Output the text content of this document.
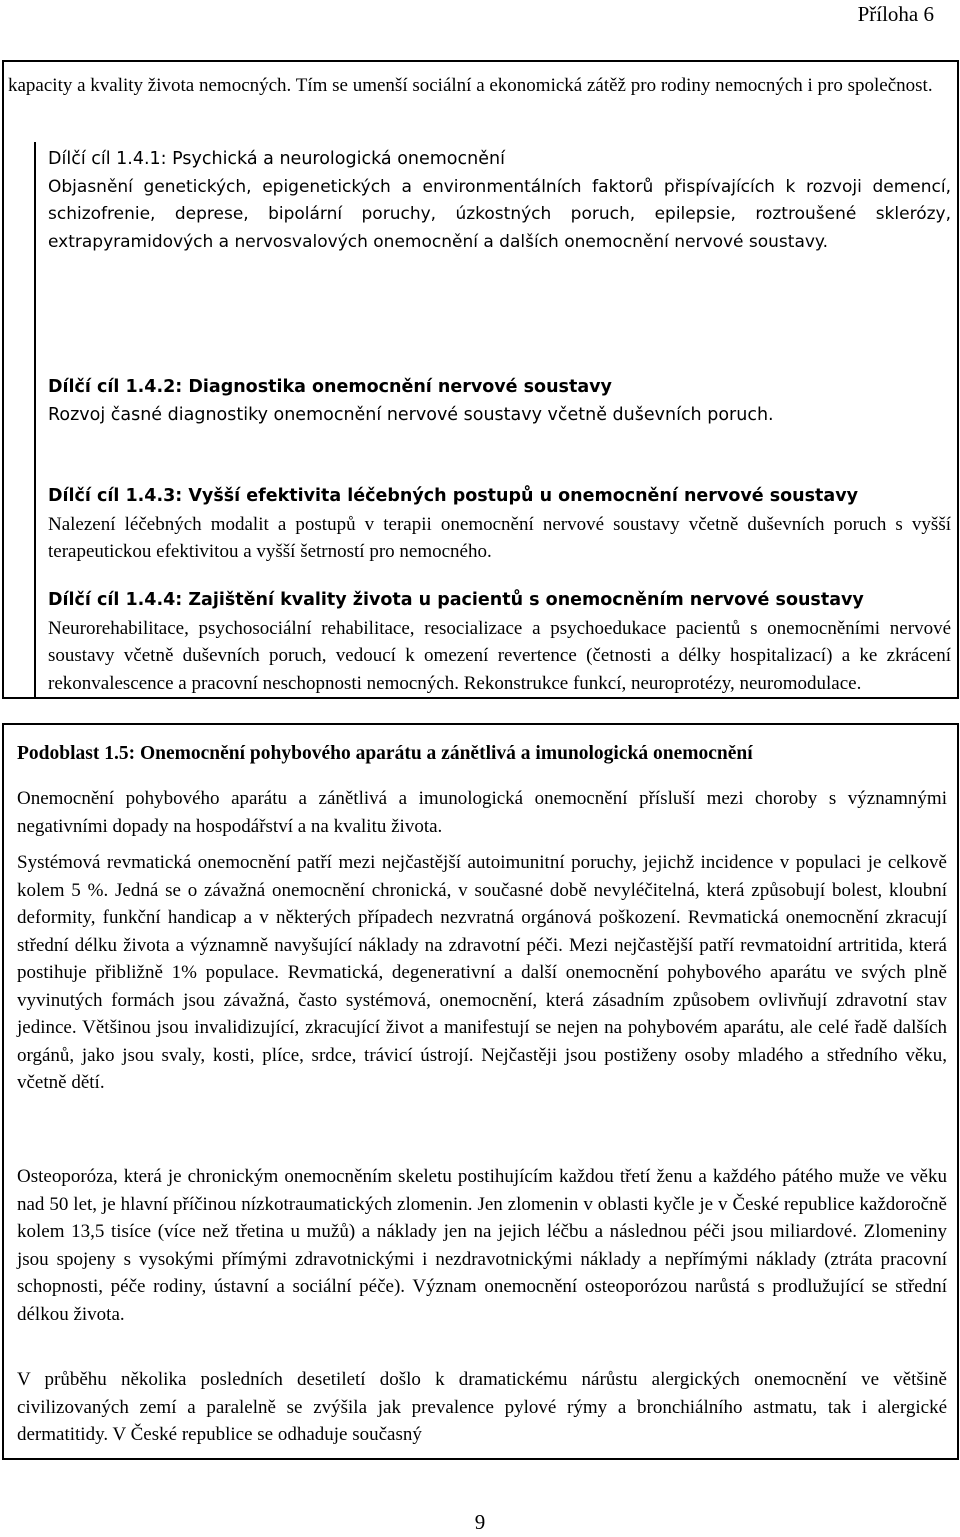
Příloha 6
kapacity a kvality života nemocných. Tím se umenší sociální a ekonomická zátěž pro rodiny nemocných i pro společnost.
Dílčí cíl 1.4.1: Psychická a neurologická onemocnění
Objasnění genetických, epigenetických a environmentálních faktorů přispívajících k rozvoji demencí, schizofrenie, deprese, bipolární poruchy, úzkostných poruch, epilepsie, roztroušené sklerózy, extrapyramidových a nervosvalových onemocnění a dalších onemocnění nervové soustavy.
Dílčí cíl 1.4.2: Diagnostika onemocnění nervové soustavy
Rozvoj časné diagnostiky onemocnění nervové soustavy včetně duševních poruch.
Dílčí cíl 1.4.3: Vyšší efektivita léčebných postupů u onemocnění nervové soustavy
Nalezení léčebných modalit a postupů v terapii onemocnění nervové soustavy včetně duševních poruch s vyšší terapeutickou efektivitou a vyšší šetrností pro nemocného.
Dílčí cíl 1.4.4: Zajištění kvality života u pacientů s onemocněním nervové soustavy
Neurorehabilitace, psychosociální rehabilitace, resocializace a psychoedukace pacientů s onemocněními nervové soustavy včetně duševních poruch, vedoucí k omezení revertence (četnosti a délky hospitalizací) a ke zkrácení rekonvalescence a pracovní neschopnosti nemocných. Rekonstrukce funkcí, neuroprotézy, neuromodulace.
Podoblast 1.5: Onemocnění pohybového aparátu a zánětlivá a imunologická onemocnění
Onemocnění pohybového aparátu a zánětlivá a imunologická onemocnění přísluší mezi choroby s významnými negativními dopady na hospodářství a na kvalitu života.
Systémová revmatická onemocnění patří mezi nejčastější autoimunitní poruchy, jejichž incidence v populaci je celkově kolem 5 %. Jedná se o závažná onemocnění chronická, v současné době nevyléčitelná, která způsobují bolest, kloubní deformity, funkční handicap a v některých případech nezvratná orgánová poškození. Revmatická onemocnění zkracují střední délku života a významně navyšující náklady na zdravotní péči. Mezi nejčastější patří revmatoidní artritida, která postihuje přibližně 1% populace. Revmatická, degenerativní a další onemocnění pohybového aparátu ve svých plně vyvinutých formách jsou závažná, často systémová, onemocnění, která zásadním způsobem ovlivňují zdravotní stav jedince. Většinou jsou invalidizující, zkracující život a manifestují se nejen na pohybovém aparátu, ale celé řadě dalších orgánů, jako jsou svaly, kosti, plíce, srdce, trávicí ústrojí. Nejčastěji jsou postiženy osoby mladého a středního věku, včetně dětí.
Osteoporóza, která je chronickým onemocněním skeletu postihujícím každou třetí ženu a každého pátého muže ve věku nad 50 let, je hlavní příčinou nízkotraumatických zlomenin. Jen zlomenin v oblasti kyčle je v České republice každoročně kolem 13,5 tisíce (více než třetina u mužů) a náklady jen na jejich léčbu a následnou péči jsou miliardové. Zlomeniny jsou spojeny s vysokými přímými zdravotnickými i nezdravotnickými náklady a nepřímými náklady (ztráta pracovní schopnosti, péče rodiny, ústavní a sociální péče). Význam onemocnění osteoporózou narůstá s prodlužující se střední délkou života.
V průběhu několika posledních desetiletí došlo k dramatickému nárůstu alergických onemocnění ve většině civilizovaných zemí a paralelně se zvýšila jak prevalence pylové rýmy a bronchiálního astmatu, tak i alergické dermatitidy. V České republice se odhaduje současný
9
